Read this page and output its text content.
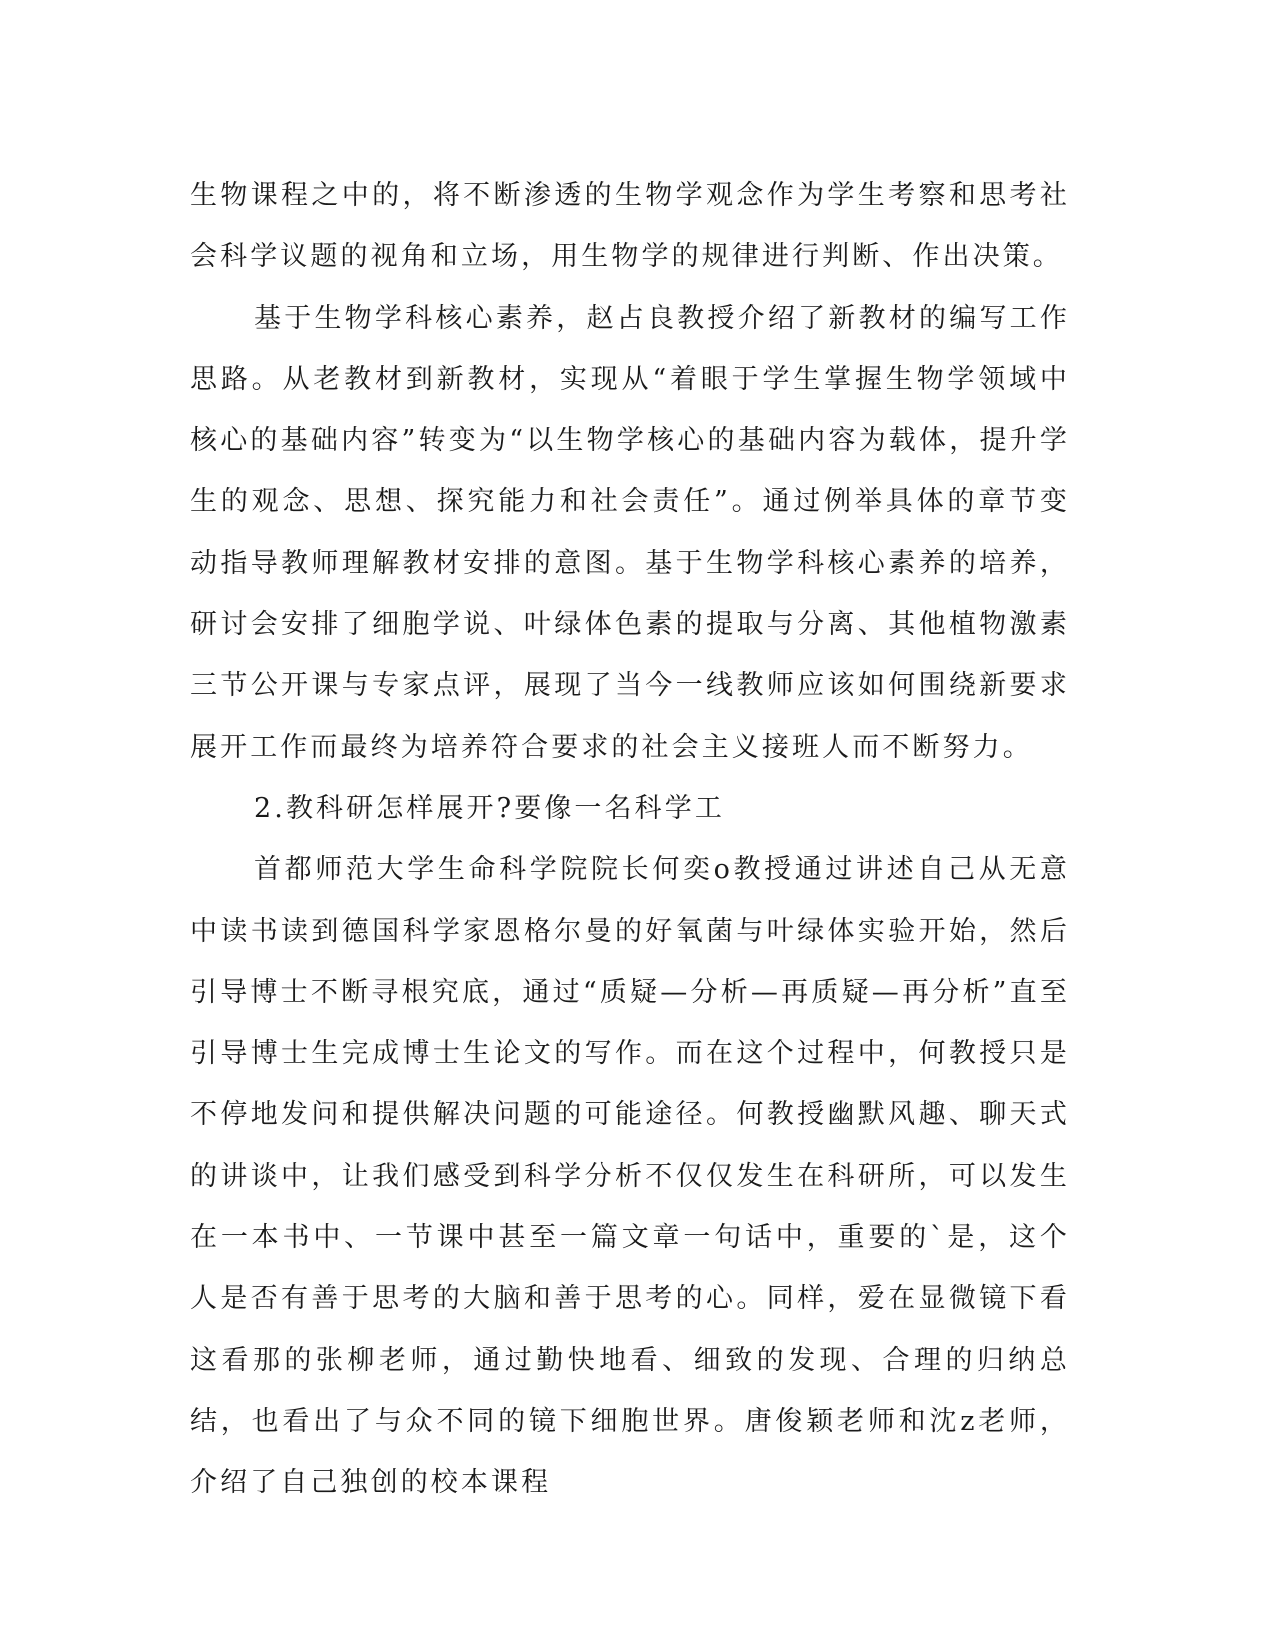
生物课程之中的，将不断渗透的生物学观念作为学生考察和思考社会科学议题的视角和立场，用生物学的规律进行判断、作出决策。

基于生物学科核心素养，赵占良教授介绍了新教材的编写工作思路。从老教材到新教材，实现从“着眼于学生掌握生物学领域中核心的基础内容”转变为“以生物学核心的基础内容为载体，提升学生的观念、思想、探究能力和社会责任”。通过例举具体的章节变动指导教师理解教材安排的意图。基于生物学科核心素养的培养，研讨会安排了细胞学说、叶绿体色素的提取与分离、其他植物激素三节公开课与专家点评，展现了当今一线教师应该如何围绕新要求展开工作而最终为培养符合要求的社会主义接班人而不断努力。

2.教科研怎样展开?要像一名科学工

首都师范大学生命科学院院长何奕o教授通过讲述自己从无意中读书读到德国科学家恩格尔曼的好氧菌与叶绿体实验开始，然后引导博士不断寻根究底，通过“质疑—分析—再质疑—再分析”直至引导博士生完成博士生论文的写作。而在这个过程中，何教授只是不停地发问和提供解决问题的可能途径。何教授幽默风趣、聊天式的讲谈中，让我们感受到科学分析不仅仅发生在科研所，可以发生在一本书中、一节课中甚至一篇文章一句话中，重要的`是，这个人是否有善于思考的大脑和善于思考的心。同样，爱在显微镜下看这看那的张柳老师，通过勤快地看、细致的发现、合理的归纳总结，也看出了与众不同的镜下细胞世界。唐俊颖老师和沈z老师，介绍了自己独创的校本课程
